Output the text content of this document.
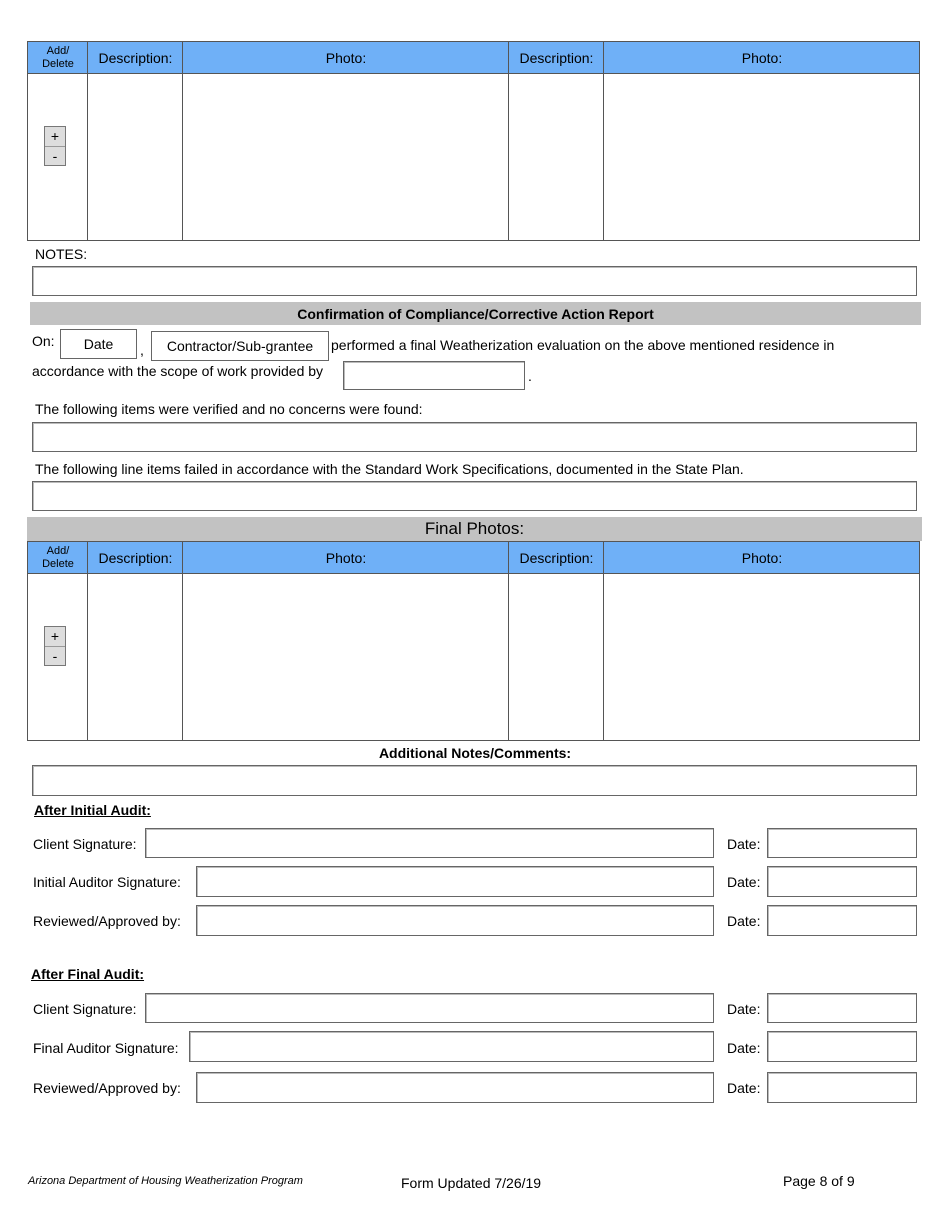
Add/
Delete	Description:	Photo:	Description:	Photo:
+
-
NOTES:
Confirmation of Compliance/Corrective Action Report
On:	Date	,	Contractor/Sub-grantee	performed a final Weatherization evaluation on the above mentioned residence in
accordance with the scope of work provided by	.
The following items were verified and no concerns were found:
The following line items failed in accordance with the Standard Work Specifications, documented in the State Plan.
Final Photos:
Add/
Delete	Description:	Photo:	Description:	Photo:
+
-
Additional Notes/Comments:
After Initial Audit:
Client Signature:	Date:
Initial Auditor Signature:	Date:
Reviewed/Approved by:	Date:
After Final Audit:
Client Signature:	Date:
Final Auditor Signature:	Date:
Reviewed/Approved by:	Date:
Arizona Department of Housing Weatherization Program	Form Updated 7/26/19	Page 8 of 9
